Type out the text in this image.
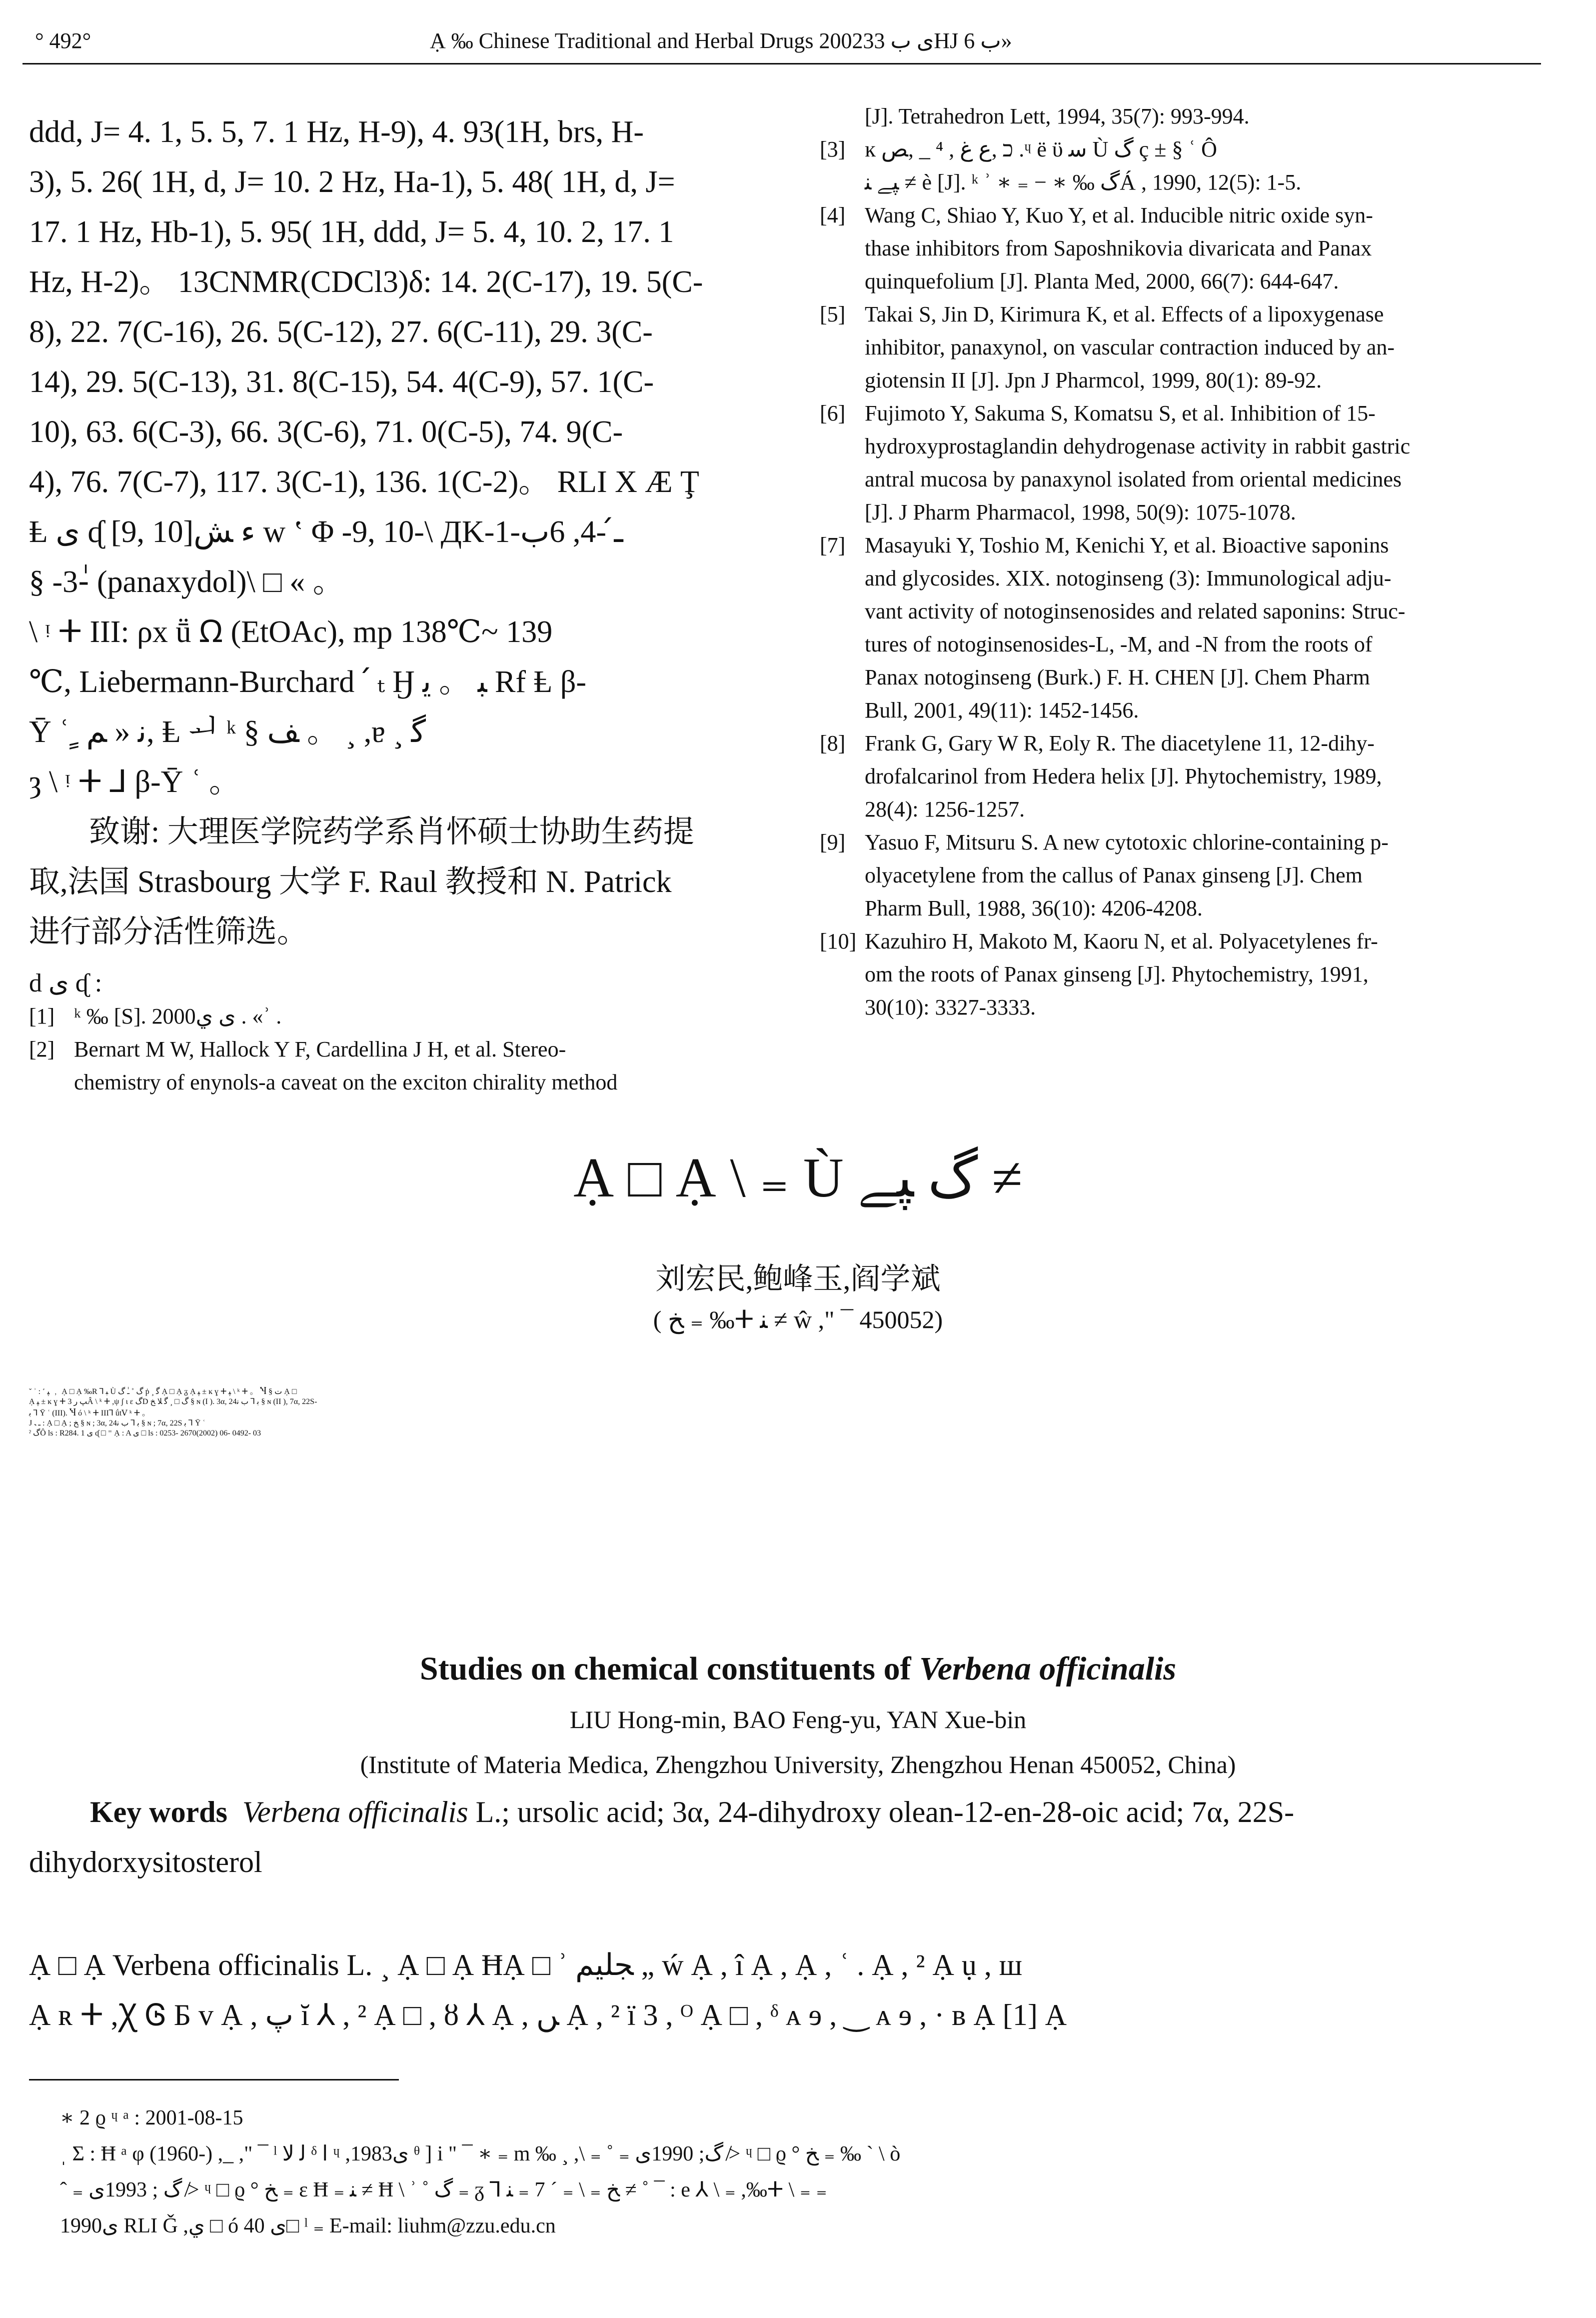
° 492°	Ạ ‰ Chinese Traditional and Herbal Drugs 2002ى ب 33ΗJ ب 6»
ddd, J= 4. 1, 5. 5, 7. 1 Hz, H-9), 4. 93(1H, brs, H-
3), 5. 26( 1H, d, J= 10. 2 Hz, Ha-1), 5. 48( 1H, d, J=
17. 1 Hz, Hb-1), 5. 95( 1H, ddd, J= 5. 4, 10. 2, 17. 1
Hz, H-2)。 13CNMR(CDCl3)δ: 14. 2(C-17), 19. 5(C-
8), 22. 7(C-16), 26. 5(C-12), 27. 6(C-11), 29. 3(C-
14), 29. 5(C-13), 31. 8(C-15), 54. 4(C-9), 57. 1(C-
10), 63. 6(C-3), 66. 3(C-6), 71. 0(C-5), 74. 9(C-
4), 76. 7(C-7), 117. 3(C-1), 136. 1(C-2)。 RLI X Æ Ţ
Ⱡ ى ᶑ [9, 10]ء ﺶ w ʽ Φ -9, 10-\ ДK-1-ـ́ -4, 6ب
§ -3-ٰ (panaxydol)\ □ « 。
\ ᵎ ⵜ III: ρx ṻ 𐊶 (EtOAc), mp 138℃~ 139
℃, Liebermann-Burchard ՛ ₜ Ӈ ﺒ 。 ﻳ Rf Ⱡ β-
Ȳ ʿ ٍ ﻧ « ﻢ, Ⱡ ᅬ ᵏ § ﻒ 。 ¸ ,ɐ ¸ ﮔ
ȝ \ ᵎ ⵜ ⅃ β-Ȳ ʿ 。
致谢: 大理医学院药学系肖怀硕士协助生药提
取,法国 Strasbourg 大学 F. Raul 教授和 N. Patrick
进行部分活性筛选。
d ى ᶑ :
[1] ᵏ ‰ [S]. 2000ى ي . «ʾ .
[2] Bernart M W, Hallock Y F, Cardellina J H, et al. Stereo-
chemistry of enynols-a caveat on the exciton chirality method
[J]. Tetrahedron Lett, 1994, 35(7): 993-994.
[3] ĸ כ ,ﻉ ﻍ , ⁴ _ ,ﺺ .ᶣ ë ϋ ﺳ Ù ﮒ ç ± § ʿ Ô
ﭙﮯ ﻨ ≠ è [J]. ᵏ ʾ ∗ ₌ − ∗ ‰ ﮒÁ , 1990, 12(5): 1-5.
[4] Wang C, Shiao Y, Kuo Y, et al. Inducible nitric oxide syn-
thase inhibitors from Saposhnikovia divaricata and Panax
quinquefolium [J]. Planta Med, 2000, 66(7): 644-647.
[5] Takai S, Jin D, Kirimura K, et al. Effects of a lipoxygenase
inhibitor, panaxynol, on vascular contraction induced by an-
giotensin II [J]. Jpn J Pharmcol, 1999, 80(1): 89-92.
[6] Fujimoto Y, Sakuma S, Komatsu S, et al. Inhibition of 15-
hydroxyprostaglandin dehydrogenase activity in rabbit gastric
antral mucosa by panaxynol isolated from oriental medicines
[J]. J Pharm Pharmacol, 1998, 50(9): 1075-1078.
[7] Masayuki Y, Toshio M, Kenichi Y, et al. Bioactive saponins
and glycosides. XIX. notoginseng (3): Immunological adju-
vant activity of notoginsenosides and related saponins: Struc-
tures of notoginsenosides-L, -M, and -N from the roots of
Panax notoginseng (Burk.) F. H. CHEN [J]. Chem Pharm
Bull, 2001, 49(11): 1452-1456.
[8] Frank G, Gary W R, Eoly R. The diacetylene 11, 12-dihy-
drofalcarinol from Hedera helix [J]. Phytochemistry, 1989,
28(4): 1256-1257.
[9] Yasuo F, Mitsuru S. A new cytotoxic chlorine-containing p-
olyacetylene from the callus of Panax ginseng [J]. Chem
Pharm Bull, 1988, 36(10): 4206-4208.
[10] Kazuhiro H, Makoto M, Kaoru N, et al. Polyacetylenes fr-
om the roots of Panax ginseng [J]. Phytochemistry, 1991,
30(10): 3327-3333.
Ạ □ Ạ \ ₌ Ù ﮒ ﭙﮯ ≠
刘宏民,鲍峰玉,阎学斌
( ﺦ ₌ ‰ⵜ ﻨ ≠ ŵ ," ¯ 450052)
ˇ ʾ : ˹ ﭙ ﹐ Ạ □ Ạ ‰R ⅂ ﺒ Ù ﮒ ˚ ـٰ ﮒ ṗ ¸ ﮔ Ạ □ Ạ ᵹ Ạ ﭙ ± ĸ ɣ ⵜ ﭙ \ ᵏ ⵜ 。 Ⴏ § ﺕ Ạ □
Ạ ﭙ ± ĸ ɣ ⵜ ﭗ ﺭ 3Â \ ᵏ ⵜ ,ψ ʃ ι ɛ ﮒD ﮒ □ ¸ ﮔ ﻼ ﺦ § ɴ (I ). 3α, 24ﺑ ⅂ ﺏ ﻧ § ɴ (II ), 7α, 22S-
ﺑ ⅂ Ȳ ʿ (III). Ⴏ ó \ ᵏ ⵜ III⅂ ǘtⅤ ᵏ ⵜ 。
J ـ ﹳ : Ạ □ Ạ ; ﺦ § ɴ ; 3α, 24ﺑ ⅂ ﺏ ﻧ § ɴ ; 7α, 22S ﺑ ⅂ Ȳ ʿ
ˀ ﮒÔ ls : R284. 1 ى ᶑ □ ⁼ Ạ : A ى □ ls : 0253- 2670(2002) 06- 0492- 03
Studies on chemical constituents of Verbena officinalis
LIU Hong-min, BAO Feng-yu, YAN Xue-bin
(Institute of Materia Medica, Zhengzhou University, Zhengzhou Henan 450052, China)
Key words Verbena officinalis L.; ursolic acid; 3α, 24-dihydroxy olean-12-en-28-oic acid; 7α, 22S-
dihydorxysitosterol
Ạ □ Ạ Verbena officinalis L. ¸ Ạ □ Ạ ĦẠ □ ʾ ﺠﻠﻴﻢ „ ẃ Ạ , î Ạ , Ạ , ʿ . Ạ , ² Ạ ụ , ш
Ạ ʀ ⵜ ,Ꭓ Ꮆ Ƃ ᴠ Ạ , ﭖ ĭ ⅄ , ² Ạ □ , ȣ ⅄ Ạ , ﮟ Ạ , ² ї 3 , ᴼ Ạ □ , ᵟ ᴀ ɘ , ‿ ᴀ ɘ , · ʙ Ạ [1] Ạ
∗ 2 ϱ ᶣ ᵃ : 2001-08-15
ˌ Ʃ : Ħ ᵃ φ (1960-) ,_ ," ¯ ˡ ﻟ ﻻ ᵟ ﺍ ᶣ ,1983ى ᶿ ] i " ¯ ∗ ₌ m ‰ ¸ ,\ ₌ ˚ ₌ ﮒ; 1990ى ≯ ᶣ □ ϱ ° ﺦ ₌ ‰ ˋ \ ò
ˆ ₌ ﮒ ; 1993ى ≯ ᶣ □ ϱ ° ﺦ ₌ ɛ Ħ ₌ ﻨ ≠ Ħ \ ʾ ˚ ﮒ ₌ ᵹ ⅂ ﺦ ₌ \ ₌ ˊ 7 ₌ ﻨ ≠ ˚ ¯ : e ⅄ \ ₌ ,‰ⵜ \ ₌ ₌
1990ى RLI Ǧ ,ي □ ó ى 40□ ˡ ₌ E-mail: liuhm@zzu.edu.cn
